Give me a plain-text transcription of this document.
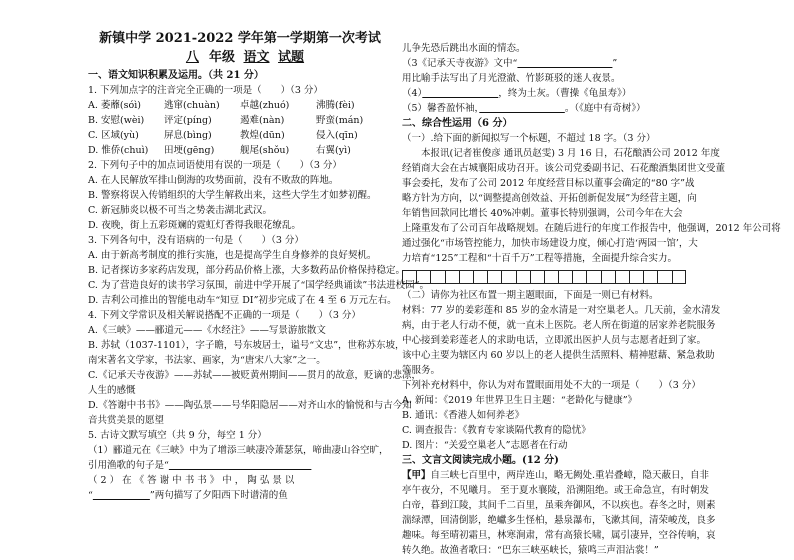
新镇中学 2021-2022 学年第一学期第一次考试
八 年级 语文 试题
一、语文知识积累及运用。（共 21 分）
1. 下列加点字的注音完全正确的一项是（　　）（3 分）
A. 萎蘼(sóì)	逃窜(chuàn)	卓越(zhuó)	沸腾(fèi)
B. 安慰(wèi)	评定(píng)	遏难(nàn)	野蛮(mán)
C. 区域(yù)	屏息(bìng)	教煌(dūn)	侵入(qīn)
D. 惟侨(chuì)	田埂(gēng)	舰尾(shǒu)	右翼(yì)
2. 下列句子中的加点词语使用有误的一项是（　　）（3 分）
A. 在人民解放军排山倒海的攻势面前，没有不败敌的阵地。
B. 警察将误入传销组织的大学生解救出来，这些大学生才如梦初醒。
C. 新冠肺炎以极不可当之势袭击湖北武汉。
D. 夜晚，街上五彩斑斓的霓虹灯香得我眼花缭乱。
3. 下列各句中，没有语病的一句是（　　）（3 分）
A. 由于新高考制度的推行实施，也是提高学生自身修养的良好契机。
B. 记者探访多家药店发现，部分药品价格上涨，大多数药品价格保持稳定。
C. 为了营造良好的读书学习氛围，前进中学开展了“国学经典诵读”书法进校园”。
D. 吉利公司推出的智能电动车“知豆 DI”初步完成了在 4 至 6 万元左右。
4. 下列文学常识及相关解说搭配不正确的一项是（　　）（3 分）
A.《三峡》——郦道元——《水经注》——写景游旅散文
B. 苏轼（1037-1101），字子瞻，号东坡居士，谥号“文忠”，世称苏东坡，
南宋著名文学家，书法家、画家，为“唐宋八大家”之一。
C.《记承天寺夜游》——苏轼——被贬黄州期间——贯月的故意，贬谪的悲凉，
人生的感慨
D.《答谢中书书》——陶弘景——号华阳隐居——对齐山水的愉悦和与古今知
音共赏美景的愿望
5. 古诗文默写填空（共 9 分，每空 1 分）
（1）郦道元在《三峡》中为了增添三峡凄冷萧瑟氛，啼曲凄山谷空旷，
引用渔歌的句子是“　　　　　　　　　　　　　　　
（ 2 ） 在 《 答 谢 中 书 书 》 中 ， 陶 弘 景 以
“　　　　　　	”两句描写了夕阳西下时谱清的鱼
儿争先恐后跳出水面的情态。
（3《记承天寺夜游》文中“　　　　　　　　　　	”
用比喻手法写出了月光澄澈、竹影斑驳的迷人夜景。
（4）　　　　　　　　	，终为土灰。（曹操《龟虽寿》）
（5）馨香盈怀袖，　　　　　　　　　	。（《庭中有奇树》）
二、综合性运用（6 分）
（一）.给下面的新闻拟写一个标题，不超过 18 字。（3 分）
　　本报讯(记者崔俊彦 通讯员赵雯) 3 月 16 日，石花酿酒公司 2012 年度
经销商大会在古城襄阳成功召开。该公司党委副书记、石花酿酒集团世文受董
事会委托，发布了公司 2012 年度经营目标以董事会确定的“80 字”战
略方针为方向，以“调整提高创效益、开拓创新促发展”为经营主题，向
年销售回款同比增长 40%冲刺。董事长特别强调，公司今年在大会
上隆重发布了公司百年战略规划。在随后进行的年度工作报告中，他强调，2012 年公司将
通过强化“市场管控能力，加快市场建设力度，倾心打造‘两园一馆’，大
力培育“125”工程和“十百千万”工程等措施，全面提升综合实力。
（二）请你为社区布置一期主题眼面，下面是一则已有材料。
材料：77 岁的姜彩莲和 85 岁的金水清是一对空巢老人。几天前，金水清发
病，由于老人行动不便，就一直未上医院。老人所在街道的居家养老院服务
中心接到姜彩莲老人的求助电话，立即派出医护人员与志愿者赶到了家。
该中心主要为辖区内 60 岁以上的老人提供生活照料、精神慰藉、紧急救助
等服务。
下列补充材料中，你认为对布置眼面用处不大的一项是（　　）（3 分）
A. 新闻：《2019 年世界卫生日主题：“老龄化与健康”》
B. 通讯：《香港人如何养老》
C. 调查报告：《教育专家谈隔代教育的隐忧》
D. 图片：“关爱空巢老人”志愿者在行动
三、文言文阅读完成小题。(12 分)
【甲】自三峡七百里中，两岸连山，略无阙处.重岩叠嶂，隐天蔽日，自非
亭午夜分，不见曦月。 至于夏水襄陵，沿溯阻绝。或王命急宣，有时朝发
白帝，暮到江陵，其间千二百里，虽乘奔御风，不以疾也。春冬之时，则素
湍绿潭，回清倒影，绝巘多生怪柏，悬泉瀑布，飞漱其间，清荣峻茂，良多
趣味。每至晴初霜旦，林寒涧肃，常有高猿长啸，属引凄异，空谷传响，哀
转久绝。故渔者歌曰：“巴东三峡巫峡长，猿鸣三声泪沾裳！”
